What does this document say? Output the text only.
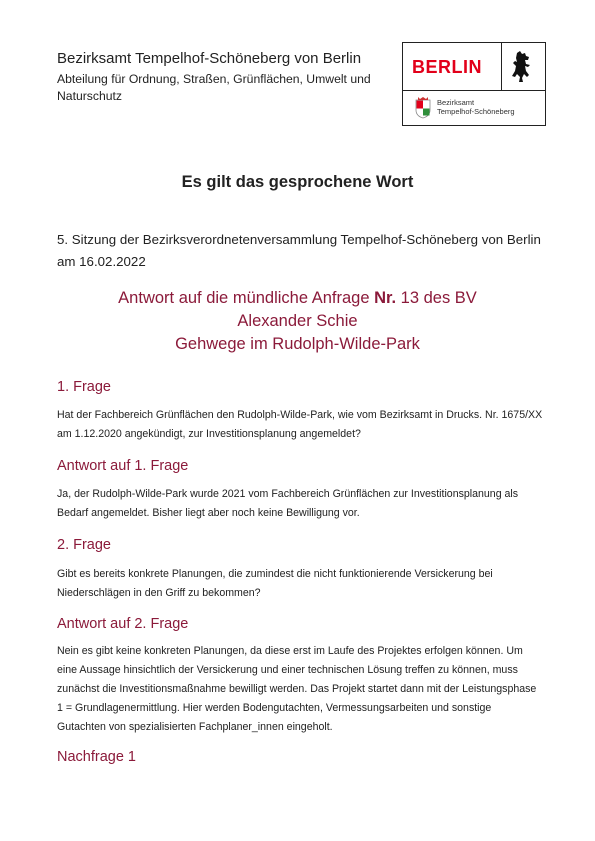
Bezirksamt Tempelhof-Schöneberg von Berlin
Abteilung für Ordnung, Straßen, Grünflächen, Umwelt und Naturschutz
BERLIN
Bezirksamt
Tempelhof-Schöneberg
Es gilt das gesprochene Wort
5. Sitzung der Bezirksverordnetenversammlung Tempelhof-Schöneberg von Berlin am 16.02.2022
Antwort auf die mündliche Anfrage Nr. 13 des BV
Alexander Schie
Gehwege im Rudolph-Wilde-Park
1. Frage
Hat der Fachbereich Grünflächen den Rudolph-Wilde-Park, wie vom Bezirksamt in Drucks. Nr. 1675/XX am 1.12.2020 angekündigt, zur Investitionsplanung angemeldet?
Antwort auf 1. Frage
Ja, der Rudolph-Wilde-Park wurde 2021 vom Fachbereich Grünflächen zur Investitionsplanung als Bedarf angemeldet. Bisher liegt aber noch keine Bewilligung vor.
2. Frage
Gibt es bereits konkrete Planungen, die zumindest die nicht funktionierende Versickerung bei Niederschlägen in den Griff zu bekommen?
Antwort auf 2. Frage
Nein es gibt keine konkreten Planungen, da diese erst im Laufe des Projektes erfolgen können. Um eine Aussage hinsichtlich der Versickerung und einer technischen Lösung treffen zu können, muss zunächst die Investitionsmaßnahme bewilligt werden. Das Projekt startet dann mit der Leistungsphase 1 = Grundlagenermittlung. Hier werden Bodengutachten, Vermessungsarbeiten und sonstige Gutachten von spezialisierten Fachplaner_innen eingeholt.
Nachfrage 1
